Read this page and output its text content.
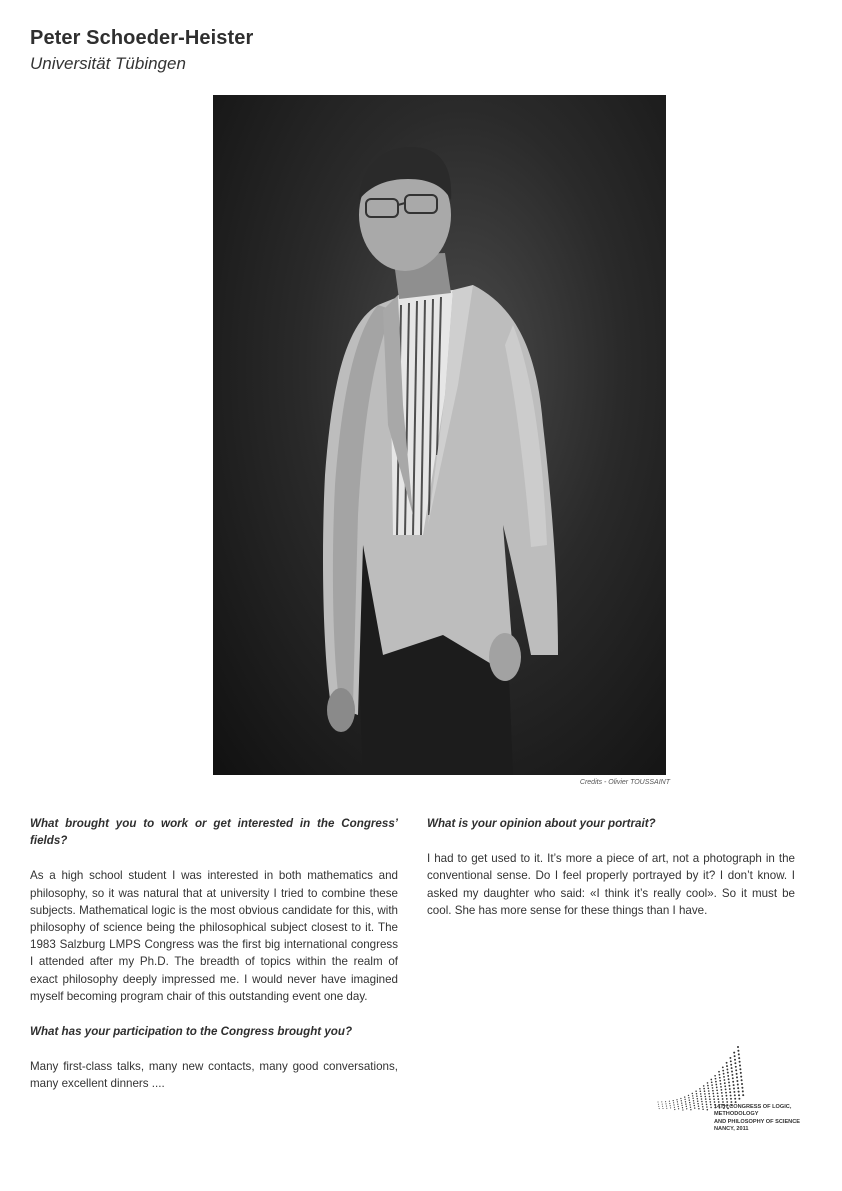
Peter Schoeder-Heister
Universität Tübingen
Credits - Olivier TOUSSAINT

What brought you to work or get interested in the Congress’ fields?

As a high school student I was interested in both mathematics and philosophy, so it was natural that at university I tried to combine these subjects. Mathematical logic is the most obvious candidate for this, with philosophy of science being the philosophical subject closest to it. The 1983 Salzburg LMPS Congress was the first big international congress I attended after my Ph.D. The breadth of topics within the realm of exact philosophy deeply impressed me. I would never have imagined myself becoming program chair of this outstanding event one day.

What has your participation to the Congress brought you?

Many first-class talks, many new contacts, many good conversations, many excellent dinners ....

What is your opinion about your portrait?

I had to get used to it. It’s more a piece of art, not a photograph in the conventional sense. Do I feel properly portrayed by it? I don’t know. I asked my daughter who said: «I think it’s really cool». So it must be cool. She has more sense for these things than I have.

14TH CONGRESS OF LOGIC,
METHODOLOGY
AND PHILOSOPHY OF SCIENCE
NANCY, 2011
